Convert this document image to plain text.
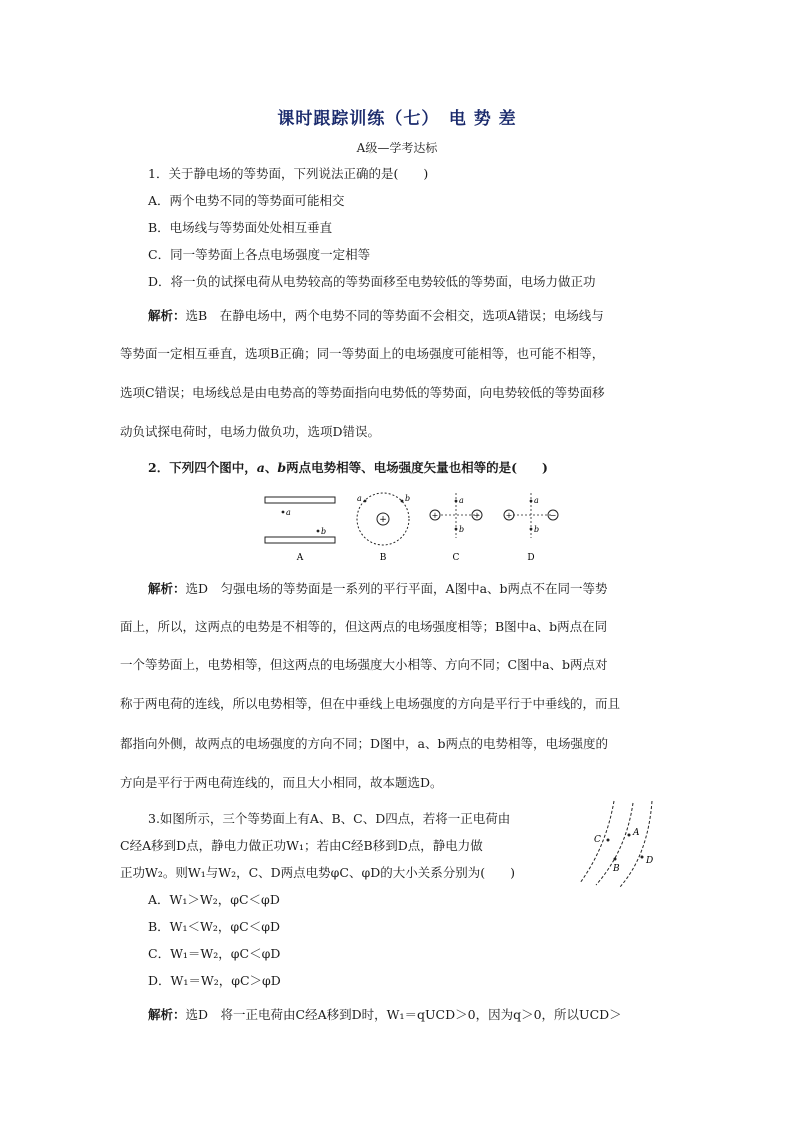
课时跟踪训练（七）　电 势 差
A级—学考达标
1．关于静电场的等势面，下列说法正确的是(　　)
A．两个电势不同的等势面可能相交
B．电场线与等势面处处相互垂直
C．同一等势面上各点电场强度一定相等
D．将一负的试探电荷从电势较高的等势面移至电势较低的等势面，电场力做正功
解析：选B　在静电场中，两个电势不同的等势面不会相交，选项A错误；电场线与
等势面一定相互垂直，选项B正确；同一等势面上的电场强度可能相等，也可能不相等，
选项C错误；电场线总是由电势高的等势面指向电势低的等势面，向电势较低的等势面移
动负试探电荷时，电场力做负功，选项D错误。
2．下列四个图中，a、b两点电势相等、电场强度矢量也相等的是(　　)
a
b
A
+
a	b
B
+	+
a
b
C
+	−
a
b
D
解析：选D　匀强电场的等势面是一系列的平行平面，A图中a、b两点不在同一等势
面上，所以，这两点的电势是不相等的，但这两点的电场强度相等；B图中a、b两点在同
一个等势面上，电势相等，但这两点的电场强度大小相等、方向不同；C图中a、b两点对
称于两电荷的连线，所以电势相等，但在中垂线上电场强度的方向是平行于中垂线的，而且
都指向外侧，故两点的电场强度的方向不同；D图中，a、b两点的电势相等，电场强度的
方向是平行于两电荷连线的，而且大小相同，故本题选D。
3.如图所示，三个等势面上有A、B、C、D四点，若将一正电荷由
C经A移到D点，静电力做正功W₁；若由C经B移到D点，静电力做
正功W₂。则W₁与W₂，C、D两点电势φC、φD的大小关系分别为(　　)
C
A
B
D
A．W₁＞W₂，φC＜φD
B．W₁＜W₂，φC＜φD
C．W₁＝W₂，φC＜φD
D．W₁＝W₂，φC＞φD
解析：选D　将一正电荷由C经A移到D时，W₁＝qUCD＞0，因为q＞0，所以UCD＞
